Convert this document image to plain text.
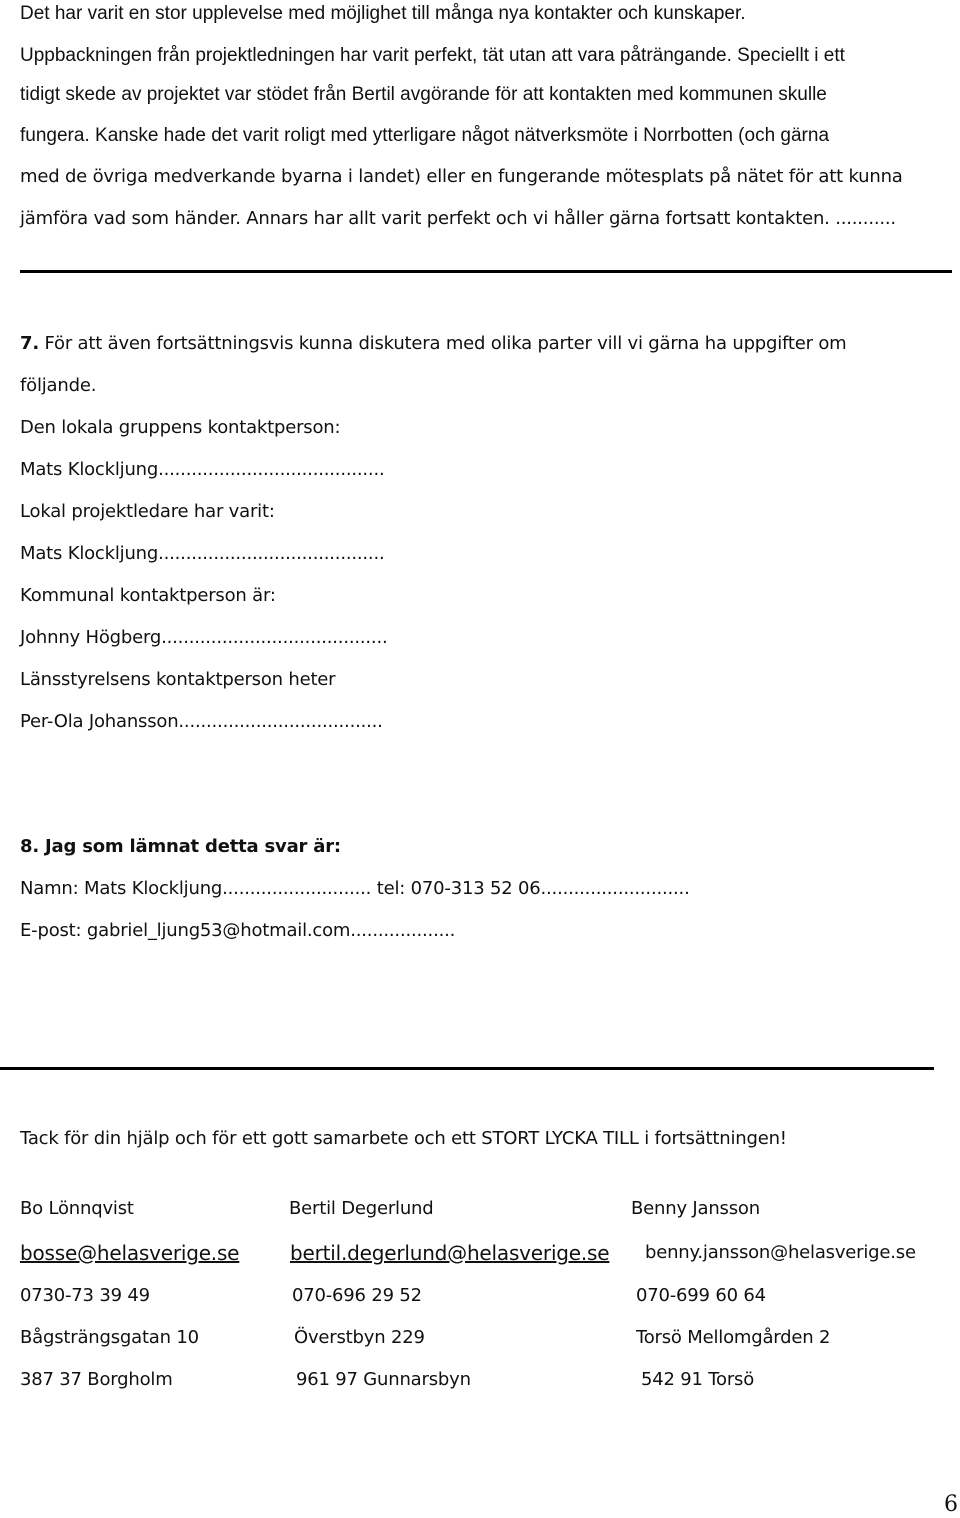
Det har varit en stor upplevelse med möjlighet till många nya kontakter och kunskaper.
Uppbackningen från projektledningen har varit perfekt, tät utan att vara påträngande. Speciellt i ett
tidigt skede av projektet var stödet från Bertil avgörande för att kontakten med kommunen skulle
fungera. Kanske hade det varit roligt med ytterligare något nätverksmöte i Norrbotten (och gärna
med de övriga medverkande byarna i landet) eller en fungerande mötesplats på nätet för att kunna
jämföra vad som händer. Annars har allt varit perfekt och vi håller gärna fortsatt kontakten. ...........
7. För att även fortsättningsvis kunna diskutera med olika parter vill vi gärna ha uppgifter om
följande.
Den lokala gruppens kontaktperson:
Mats Klockljung.........................................
Lokal projektledare har varit:
Mats Klockljung.........................................
Kommunal kontaktperson är:
Johnny Högberg.........................................
Länsstyrelsens kontaktperson heter
Per-Ola Johansson.....................................
8. Jag som lämnat detta svar är:
Namn: Mats Klockljung........................... tel: 070-313 52 06...........................
E-post: gabriel_ljung53@hotmail.com...................
Tack för din hjälp och för ett gott samarbete och ett STORT LYCKA TILL i fortsättningen!
Bo Lönnqvist
bosse@helasverige.se
0730-73 39 49
Bågsträngsgatan 10
387 37 Borgholm
Bertil Degerlund
bertil.degerlund@helasverige.se
070-696 29 52
Överstbyn 229
961 97 Gunnarsbyn
Benny Jansson
benny.jansson@helasverige.se
070-699 60 64
Torsö Mellomgården 2
542 91 Torsö
6
